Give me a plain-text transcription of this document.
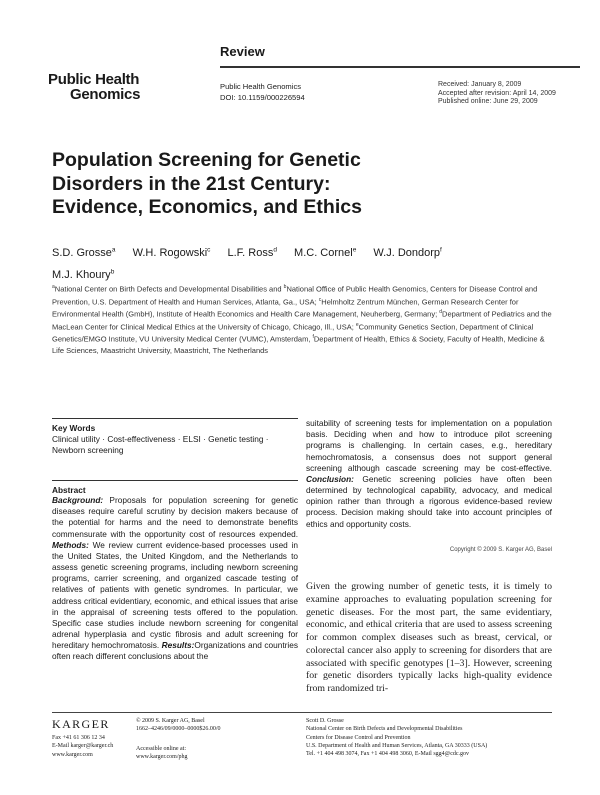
Review
Public Health
Genomics	Public Health Genomics
DOI: 10.1159/000226594
Received: January 8, 2009
Accepted after revision: April 14, 2009
Published online: June 29, 2009
Population Screening for Genetic
Disorders in the 21st Century:
Evidence, Economics, and Ethics
S.D. Grosse$^a$ W.H. Rogowski$^c$ L.F. Ross$^d$ M.C. Cornel$^e$ W.J. Dondorp$^f$
M.J. Khoury$^b$
$^a$National Center on Birth Defects and Developmental Disabilities and $^b$National Office of Public Health Genomics, Centers for Disease Control and Prevention, U.S. Department of Health and Human Services, Atlanta, Ga., USA; $^c$Helmholtz Zentrum München, German Research Center for Environmental Health (GmbH), Institute of Health Economics and Health Care Management, Neuherberg, Germany; $^d$Department of Pediatrics and the MacLean Center for Clinical Medical Ethics at the University of Chicago, Chicago, Ill., USA; $^e$Community Genetics Section, Department of Clinical Genetics/EMGO Institute, VU University Medical Center (VUMC), Amsterdam, $^f$Department of Health, Ethics & Society, Faculty of Health, Medicine & Life Sciences, Maastricht University, Maastricht, The Netherlands
Key Words
Clinical utility · Cost-effectiveness · ELSI · Genetic testing · Newborn screening
Abstract
Background: Proposals for population screening for genetic diseases require careful scrutiny by decision makers because of the potential for harms and the need to demonstrate benefits commensurate with the opportunity cost of resources expended. Methods: We review current evidence-based processes used in the United States, the United Kingdom, and the Netherlands to assess genetic screening programs, including newborn screening programs, carrier screening, and organized cascade testing of relatives of patients with genetic syndromes. In particular, we address critical evidentiary, economic, and ethical issues that arise in the appraisal of screening tests offered to the population. Specific case studies include newborn screening for congenital adrenal hyperplasia and cystic fibrosis and adult screening for hereditary hemochromatosis. Results:Organizations and countries often reach different conclusions about the
suitability of screening tests for implementation on a population basis. Deciding when and how to introduce pilot screening programs is challenging. In certain cases, e.g., hereditary hemochromatosis, a consensus does not support general screening although cascade screening may be cost-effective. Conclusion: Genetic screening policies have often been determined by technological capability, advocacy, and medical opinion rather than through a rigorous evidence-based review process. Decision making should take into account principles of ethics and opportunity costs.
Copyright © 2009 S. Karger AG, Basel
Given the growing number of genetic tests, it is timely to examine approaches to evaluating population screening for genetic diseases. For the most part, the same evidentiary, economic, and ethical criteria that are used to assess screening for common complex diseases such as breast, cervical, or colorectal cancer also apply to screening for disorders that are associated with specific genotypes [1–3]. However, screening for genetic disorders typically lacks high-quality evidence from randomized tri-
KARGER
Fax +41 61 306 12 34
E-Mail karger@karger.ch
www.karger.com
© 2009 S. Karger AG, Basel
1662–4246/09/0000–0000$26.00/0
Accessible online at:
www.karger.com/phg
Scott D. Grosse
National Center on Birth Defects and Developmental Disabilities
Centers for Disease Control and Prevention
U.S. Department of Health and Human Services, Atlanta, GA 30333 (USA)
Tel. +1 404 498 3074, Fax +1 404 498 3060, E-Mail sgg4@cdc.gov
